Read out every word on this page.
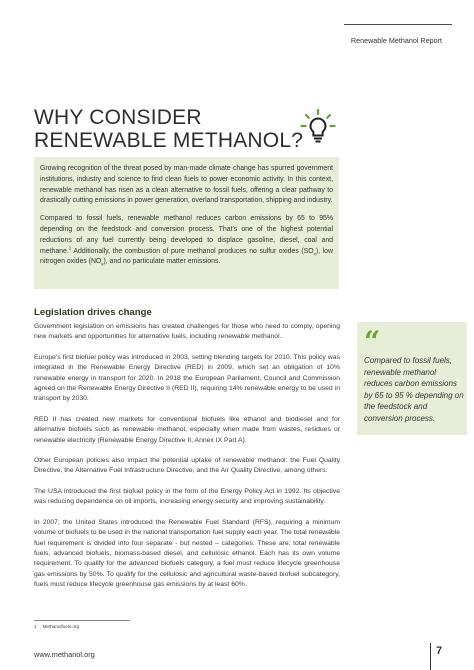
Renewable Methanol Report
WHY CONSIDER
RENEWABLE METHANOL?

Growing recognition of the threat posed by man-made climate change has spurred government institutions, industry and science to find clean fuels to power economic activity. In this context, renewable methanol has risen as a clean alternative to fossil fuels, offering a clear pathway to drastically cutting emissions in power generation, overland transportation, shipping and industry.

Compared to fossil fuels, renewable methanol reduces carbon emissions by 65 to 95% depending on the feedstock and conversion process. That's one of the highest potential reductions of any fuel currently being developed to displace gasoline, diesel, coal and methane.$^1$ Additionally, the combustion of pure methanol produces no sulfur oxides $(SO_x)$, low nitrogen oxides $(NO_x)$, and no particulate matter emissions.

Legislation drives change

Government legislation on emissions has created challenges for those who need to comply, opening new markets and opportunities for alternative fuels, including renewable methanol.

Europe's first biofuel policy was introduced in 2003, setting blending targets for 2010. This policy was integrated in the Renewable Energy Directive (RED) in 2009, which set an obligation of 10% renewable energy in transport for 2020. In 2018 the European Parliament, Council and Commission agreed on the Renewable Energy Directive II (RED II), requiring 14% renewable energy to be used in transport by 2030.

RED II has created new markets for conventional biofuels like ethanol and biodiesel and for alternative biofuels such as renewable methanol, especially when made from wastes, residues or renewable electricity (Renewable Energy Directive II, Annex IX Part A).

Other European policies also impact the potential uptake of renewable methanol: the Fuel Quality Directive, the Alternative Fuel Infrastructure Directive, and the Air Quality Directive, among others.

The USA introduced the first biofuel policy in the form of the Energy Policy Act in 1992. Its objective was reducing dependence on oil imports, increasing energy security and improving sustainability.

In 2007, the United States introduced the Renewable Fuel Standard (RFS), requiring a minimum volume of biofuels to be used in the national transportation fuel supply each year. The total renewable fuel requirement is divided into four separate - but nested – categories. These are: total renewable fuels, advanced biofuels, biomass-based diesel, and cellulosic ethanol. Each has its own volume requirement. To qualify for the advanced biofuels category, a fuel must reduce lifecycle greenhouse gas emissions by 50%. To qualify for the cellulosic and agricultural waste-based biofuel subcategory, fuels must reduce lifecycle greenhouse gas emissions by at least 60%.

“
Compared to fossil fuels, renewable methanol reduces carbon emissions by 65 to 95 % depending on the feedstock and conversion process.
1 Methanolfuels.org
www.methanol.org	7
